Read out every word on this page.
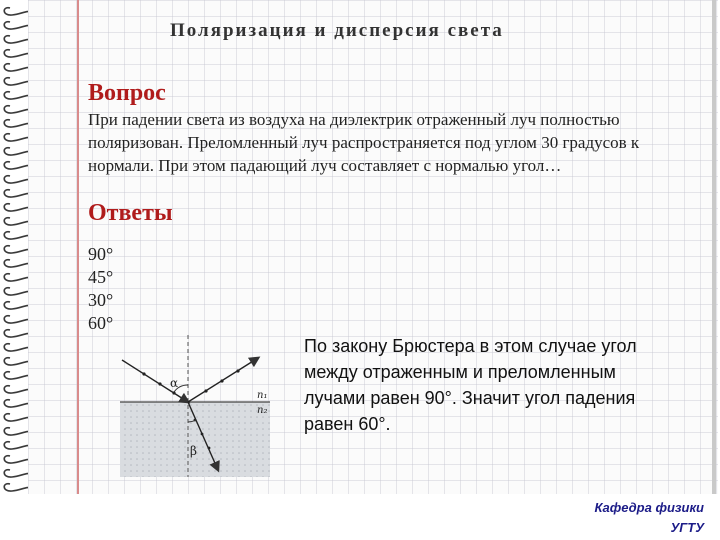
Поляризация и дисперсия света
Вопрос
При падении света из воздуха на диэлектрик отраженный луч полностью поляризован. Преломленный луч распространяется под углом 30 градусов к нормали. При этом падающий луч составляет с нормалью угол…
Ответы
90°
45°
30°
60°
α
β
n₁
n₂
По закону Брюстера в этом случае угол между отраженным и преломленным лучами равен 90°. Значит угол падения равен 60°.
Кафедра физики
УГТУ
